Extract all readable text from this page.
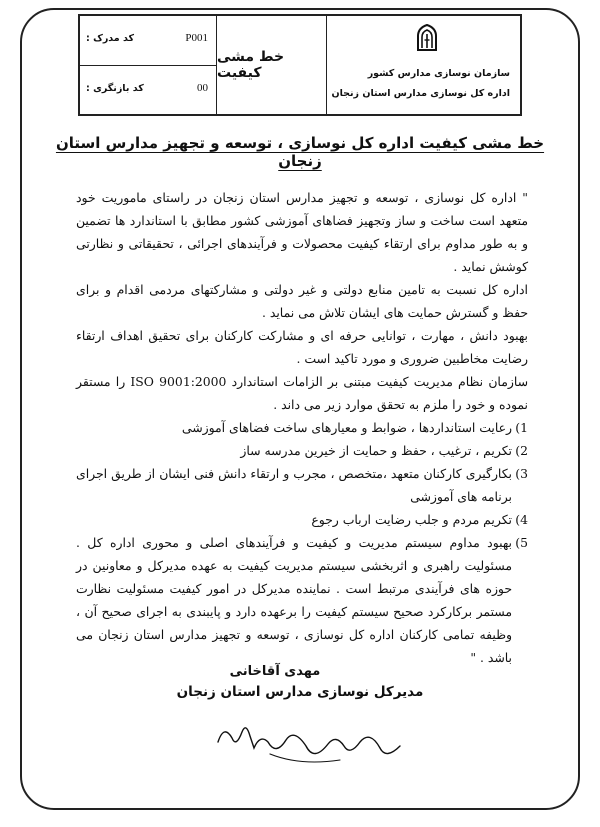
کد مدرک :	P001
کد بازنگری :	00
خط مشی کیفیت	سازمان نوسازی مدارس کشور
اداره کل نوسازی مدارس استان زنجان
خط مشی کیفیت اداره کل نوسازی ، توسعه و تجهیز مدارس استان زنجان

" اداره کل نوسازی ، توسعه و تجهیز مدارس استان زنجان در راستای ماموریت خود متعهد است ساخت و ساز وتجهیز فضاهای آموزشی کشور مطابق با استاندارد ها تضمین و به طور مداوم برای ارتقاء کیفیت محصولات و فرآیندهای اجرائی ، تحقیقاتی و نظارتی کوشش نماید .

اداره کل نسبت به تامین منابع دولتی و غیر دولتی و مشارکتهای مردمی اقدام و برای حفظ و گسترش حمایت های ایشان تلاش می نماید .

بهبود دانش ، مهارت ، توانایی حرفه ای و مشارکت کارکنان برای تحقیق اهداف ارتقاء رضایت مخاطبین ضروری و مورد تاکید است .

سازمان نظام مدیریت کیفیت مبتنی بر الزامات استاندارد ISO 9001:2000 را مستقر نموده و خود را ملزم به تحقق موارد زیر می داند .

1)
رعایت استانداردها ، ضوابط و معیارهای ساخت فضاهای آموزشی
2)
تکریم ، ترغیب ، حفظ و حمایت از خیرین مدرسه ساز
3)
بکارگیری کارکنان متعهد ،متخصص ، مجرب و ارتقاء دانش فنی ایشان از طریق اجرای برنامه های آموزشی
4)
تکریم مردم و جلب رضایت ارباب رجوع
5)
بهبود مداوم سیستم مدیریت و کیفیت و فرآیندهای اصلی و محوری اداره کل . مسئولیت راهبری و اثربخشی سیستم مدیریت کیفیت به عهده مدیرکل و معاونین در حوزه های فرآیندی مرتبط است . نماینده مدیرکل در امور کیفیت مسئولیت نظارت مستمر برکارکرد صحیح سیستم کیفیت را برعهده دارد و پایبندی به اجرای صحیح آن ، وظیفه تمامی کارکنان اداره کل نوسازی ، توسعه و تجهیز مدارس استان زنجان می باشد . "
مهدی آقاخانی
مدیرکل نوسازی مدارس استان زنجان
